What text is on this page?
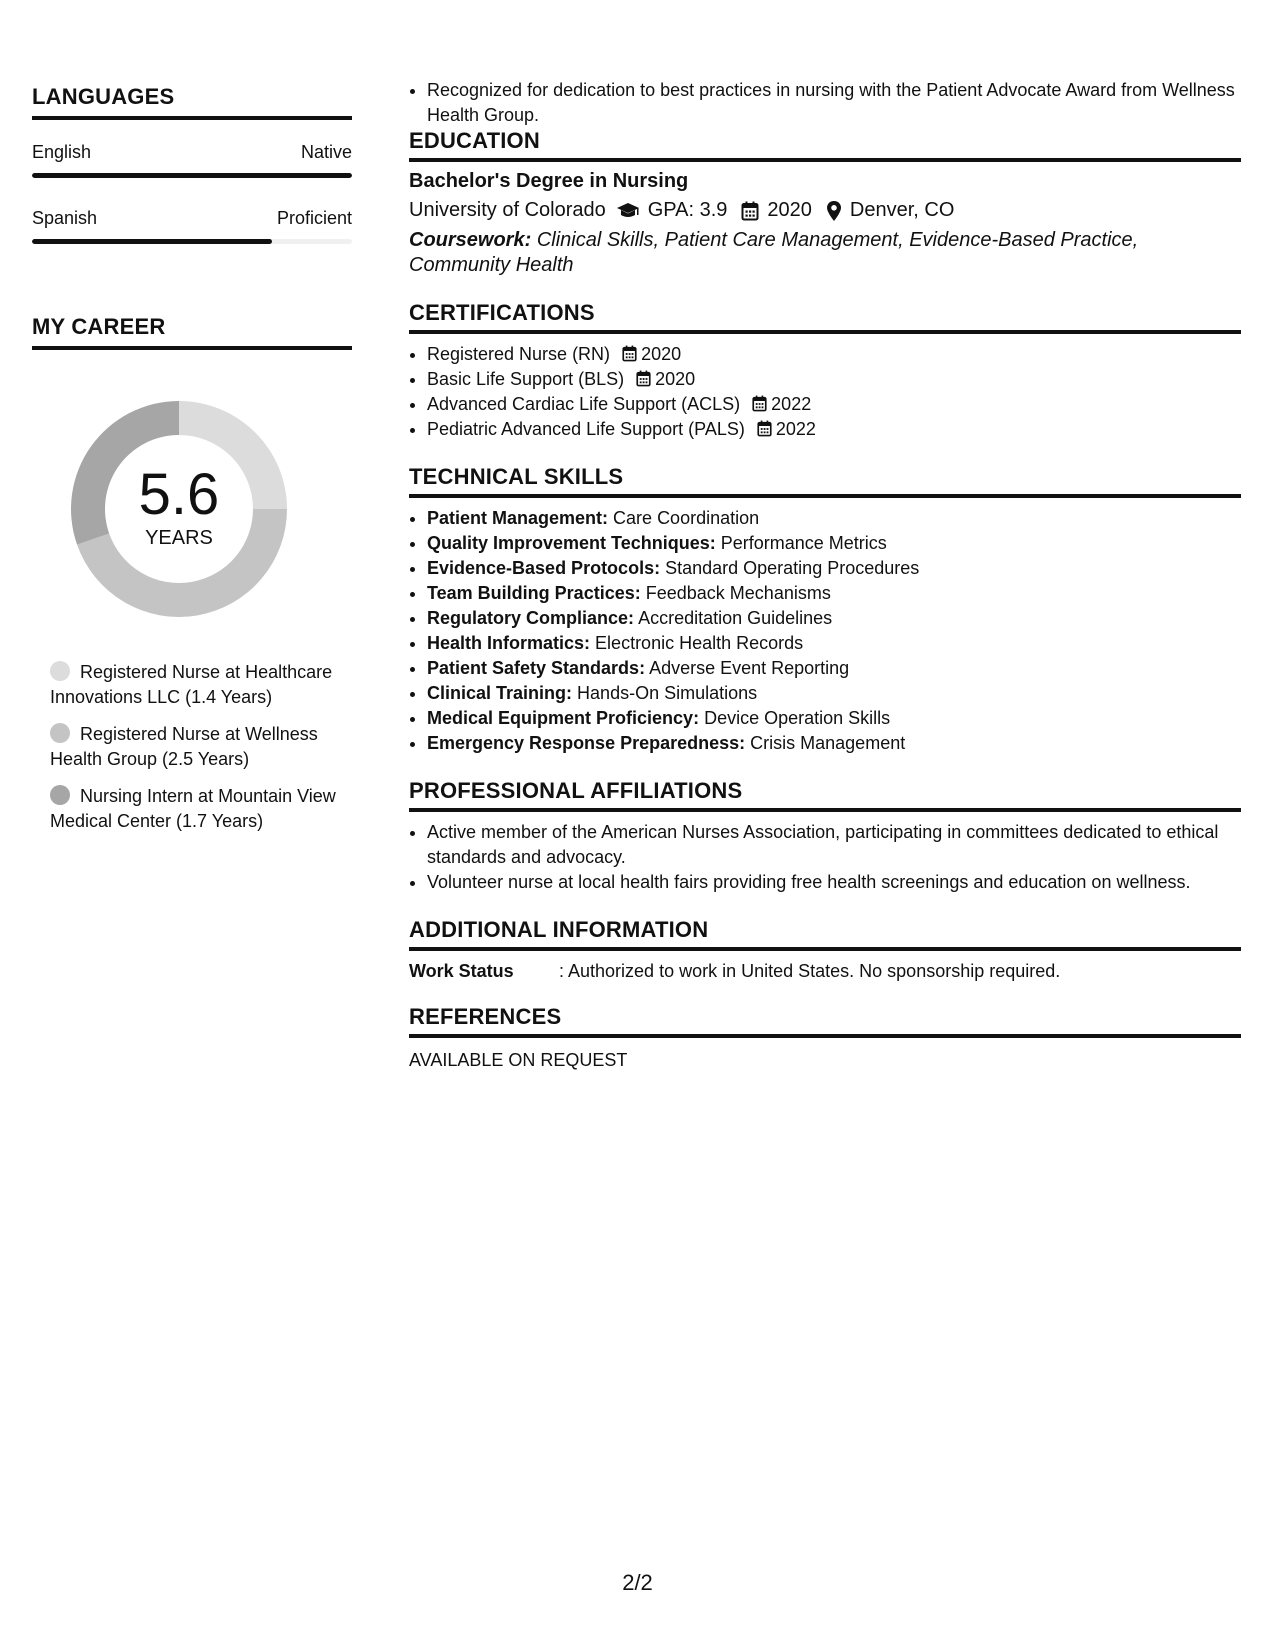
LANGUAGES
English	Native
Spanish	Proficient
MY CAREER
5.6
YEARS
Registered Nurse at Healthcare Innovations LLC (1.4 Years)
Registered Nurse at Wellness Health Group (2.5 Years)
Nursing Intern at Mountain View Medical Center (1.7 Years)
• Recognized for dedication to best practices in nursing with the Patient Advocate Award from Wellness Health Group.
EDUCATION
Bachelor's Degree in Nursing
University of Colorado GPA: 3.9 2020 Denver, CO
Coursework: Clinical Skills, Patient Care Management, Evidence-Based Practice, Community Health
CERTIFICATIONS
• Registered Nurse (RN) 2020
• Basic Life Support (BLS) 2020
• Advanced Cardiac Life Support (ACLS) 2022
• Pediatric Advanced Life Support (PALS) 2022
TECHNICAL SKILLS
• Patient Management: Care Coordination
• Quality Improvement Techniques: Performance Metrics
• Evidence-Based Protocols: Standard Operating Procedures
• Team Building Practices: Feedback Mechanisms
• Regulatory Compliance: Accreditation Guidelines
• Health Informatics: Electronic Health Records
• Patient Safety Standards: Adverse Event Reporting
• Clinical Training: Hands-On Simulations
• Medical Equipment Proficiency: Device Operation Skills
• Emergency Response Preparedness: Crisis Management
PROFESSIONAL AFFILIATIONS
• Active member of the American Nurses Association, participating in committees dedicated to ethical standards and advocacy.
• Volunteer nurse at local health fairs providing free health screenings and education on wellness.
ADDITIONAL INFORMATION
Work Status	: Authorized to work in United States. No sponsorship required.
REFERENCES
AVAILABLE ON REQUEST
2/2
